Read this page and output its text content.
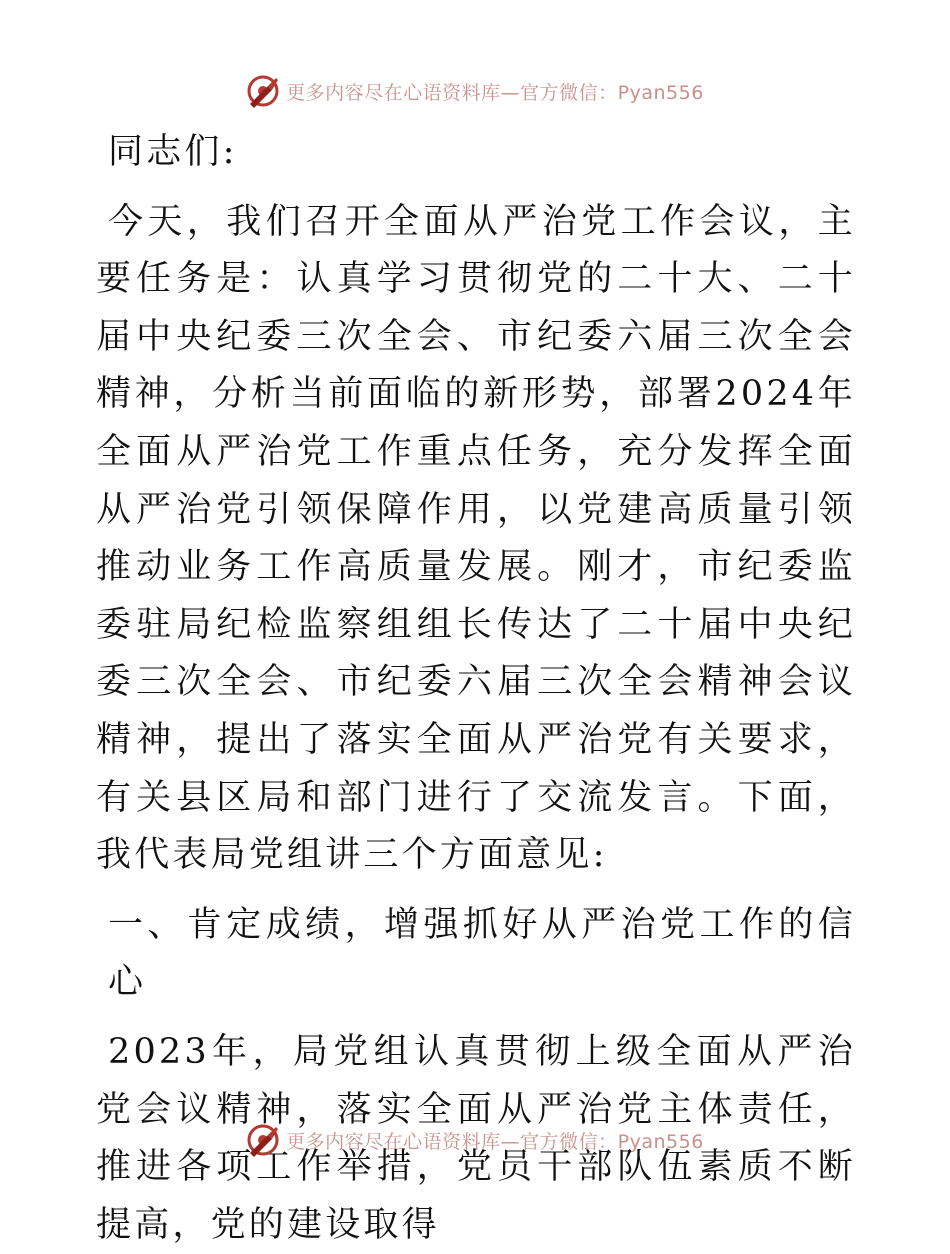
更多内容尽在心语资料库—官方微信：Pyan556

同志们:

今天，我们召开全面从严治党工作会议，主要任务是：认真学习贯彻党的二十大、二十届中央纪委三次全会、市纪委六届三次全会精神，分析当前面临的新形势，部署2024年全面从严治党工作重点任务，充分发挥全面从严治党引领保障作用，以党建高质量引领推动业务工作高质量发展。刚才，市纪委监委驻局纪检监察组组长传达了二十届中央纪委三次全会、市纪委六届三次全会精神会议精神，提出了落实全面从严治党有关要求，有关县区局和部门进行了交流发言。下面，我代表局党组讲三个方面意见:

一、肯定成绩，增强抓好从严治党工作的信心

2023年，局党组认真贯彻上级全面从严治党会议精神，落实全面从严治党主体责任，推进各项工作举措，党员干部队伍素质不断提高，党的建设取得

更多内容尽在心语资料库—官方微信：Pyan556
